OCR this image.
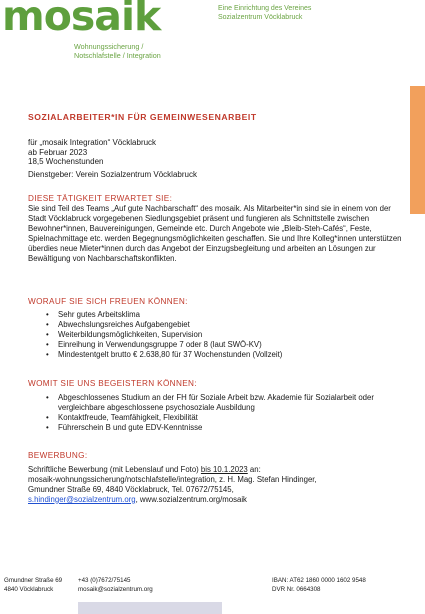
mosaik
Wohnungssicherung /
Notschlafstelle / Integration
Eine Einrichtung des Vereines
Sozialzentrum Vöcklabruck
SOZIALARBEITER*IN FÜR GEMEINWESENARBEIT
für „mosaik Integration“ Vöcklabruck
ab Februar 2023
18,5 Wochenstunden
Dienstgeber: Verein Sozialzentrum Vöcklabruck
DIESE TÄTIGKEIT ERWARTET SIE:
Sie sind Teil des Teams „Auf gute Nachbarschaft“ des mosaik. Als Mitarbeiter*in sind sie in einem von der Stadt Vöcklabruck vorgegebenen Siedlungsgebiet präsent und fungieren als Schnittstelle zwischen Bewohner*innen, Bauvereinigungen, Gemeinde etc. Durch Angebote wie „Bleib-Steh-Cafés“, Feste, Spielnachmittage etc. werden Begegnungsmöglichkeiten geschaffen. Sie und Ihre Kolleg*innen unterstützen überdies neue Mieter*innen durch das Angebot der Einzugsbegleitung und arbeiten an Lösungen zur Bewältigung von Nachbarschaftskonflikten.
WORAUF SIE SICH FREUEN KÖNNEN:
• Sehr gutes Arbeitsklima
• Abwechslungsreiches Aufgabengebiet
• Weiterbildungsmöglichkeiten, Supervision
• Einreihung in Verwendungsgruppe 7 oder 8 (laut SWÖ-KV)
• Mindestentgelt brutto € 2.638,80 für 37 Wochenstunden (Vollzeit)
WOMIT SIE UNS BEGEISTERN KÖNNEN:
• Abgeschlossenes Studium an der FH für Soziale Arbeit bzw. Akademie für Sozialarbeit oder vergleichbare abgeschlossene psychosoziale Ausbildung
• Kontaktfreude, Teamfähigkeit, Flexibilität
• Führerschein B und gute EDV-Kenntnisse
BEWERBUNG:
Schriftliche Bewerbung (mit Lebenslauf und Foto) bis 10.1.2023 an:
mosaik-wohnungssicherung/notschlafstelle/integration, z. H. Mag. Stefan Hindinger,
Gmundner Straße 69, 4840 Vöcklabruck, Tel. 07672/75145,
s.hindinger@sozialzentrum.org, www.sozialzentrum.org/mosaik
Gmundner Straße 69
4840 Vöcklabruck
+43 (0)7672/75145
mosaik@sozialzentrum.org
IBAN: AT62 1860 0000 1602 9548
DVR Nr. 0664308
